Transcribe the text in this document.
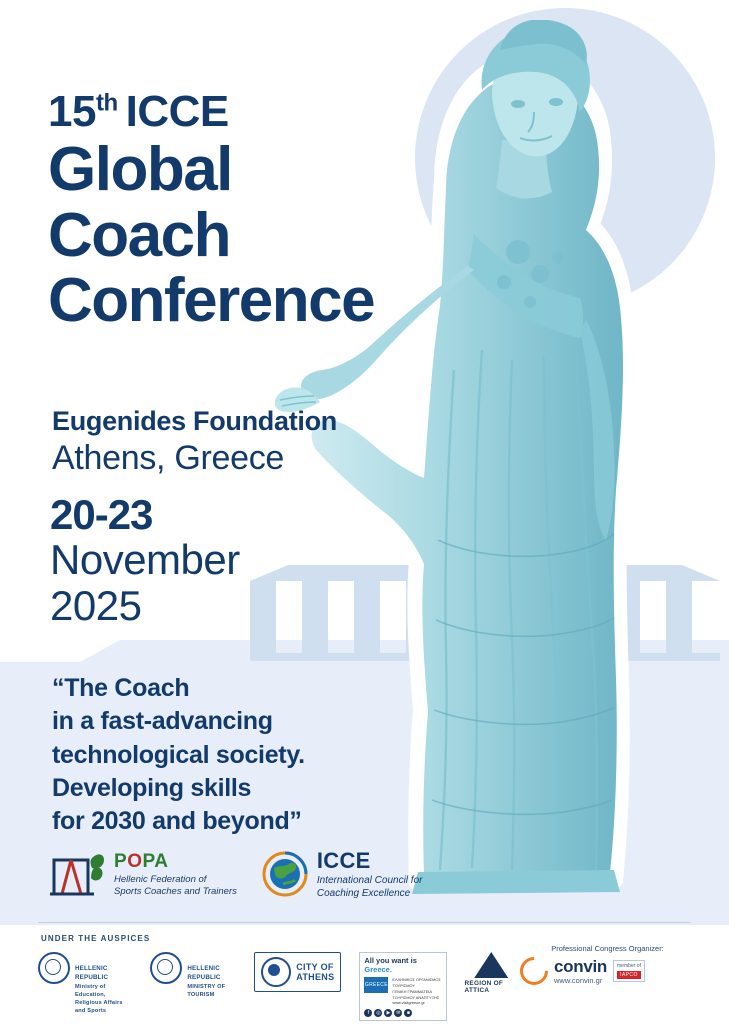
15th ICCE
Global
Coach
Conference
Eugenides Foundation
Athens, Greece
20-23
November
2025
“The Coach
in a fast-advancing
technological society.
Developing skills
for 2030 and beyond”
POPA
Hellenic Federation of
Sports Coaches and Trainers
ICCE
International Council for
Coaching Excellence
UNDER THE AUSPICES
HELLENIC REPUBLIC
Ministry of Education,
Religious Affairs and Sports
HELLENIC REPUBLIC
MINISTRY OF TOURISM
CITY OF
ATHENS
All you want is Greece.
GREECE
ΕΛΛΗΝΙΚΟΣ ΟΡΓΑΝΙΣΜΟΣ ΤΟΥΡΙΣΜΟΥ
ΓΕΝΙΚΗ ΓΡΑΜΜΑΤΕΙΑ ΤΟΥΡΙΣΜΟΥ ΑΝΑΠΤΥΞΗΣ
www.visitgreece.gr
f	◎	▶	✉	■
REGION OF ATTICA
Professional Congress Organizer:
convin
www.convin.gr
member of
IAPCO
